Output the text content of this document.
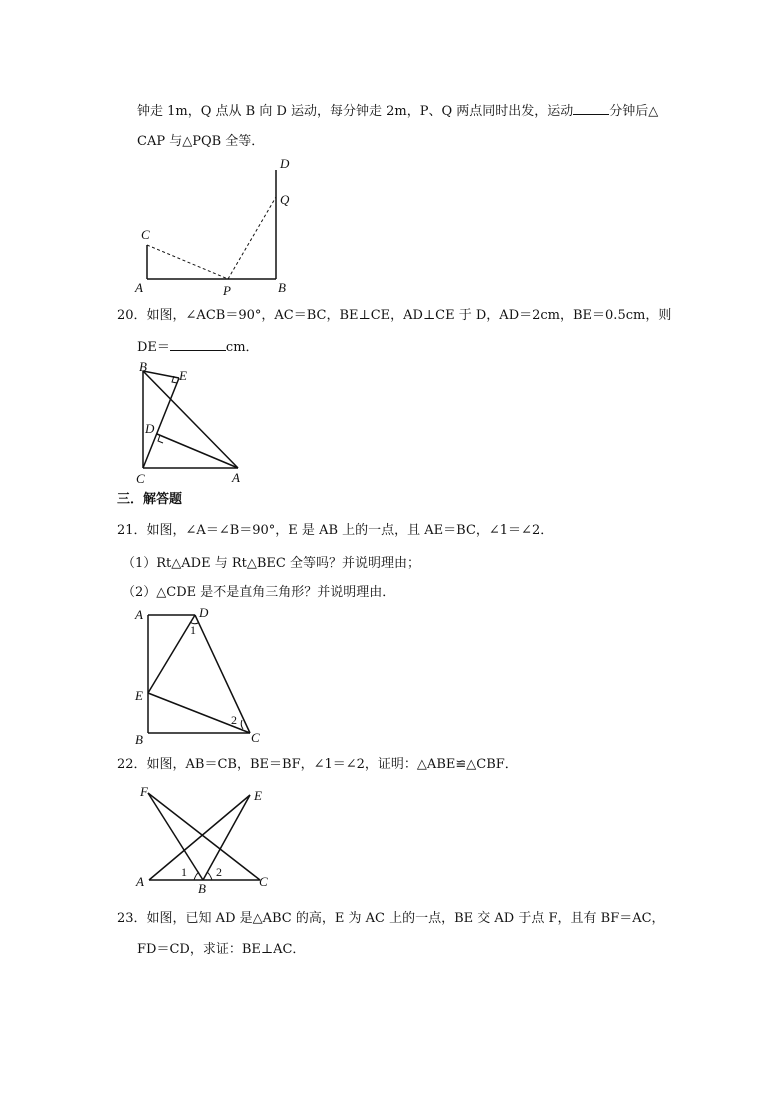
钟走 1m，Q 点从 B 向 D 运动，每分钟走 2m，P、Q 两点同时出发，运动	分钟后△
CAP 与△PQB 全等．
D
Q
C
A	P	B
20．如图，∠ACB＝90°，AC＝BC，BE⊥CE，AD⊥CE 于 D，AD＝2cm，BE＝0.5cm，则
DE＝	cm．
B
E
D
C	A
三．解答题
21．如图，∠A＝∠B＝90°，E 是 AB 上的一点，且 AE＝BC，∠1＝∠2．
（1）Rt△ADE 与 Rt△BEC 全等吗？并说明理由；
（2）△CDE 是不是直角三角形？并说明理由．
A	D
1
E
2
B	C
22．如图，AB＝CB，BE＝BF，∠1＝∠2，证明：△ABE≌△CBF．
F	E
A
1
B
2
C
23．如图，已知 AD 是△ABC 的高，E 为 AC 上的一点，BE 交 AD 于点 F，且有 BF＝AC，
FD＝CD，求证：BE⊥AC．
